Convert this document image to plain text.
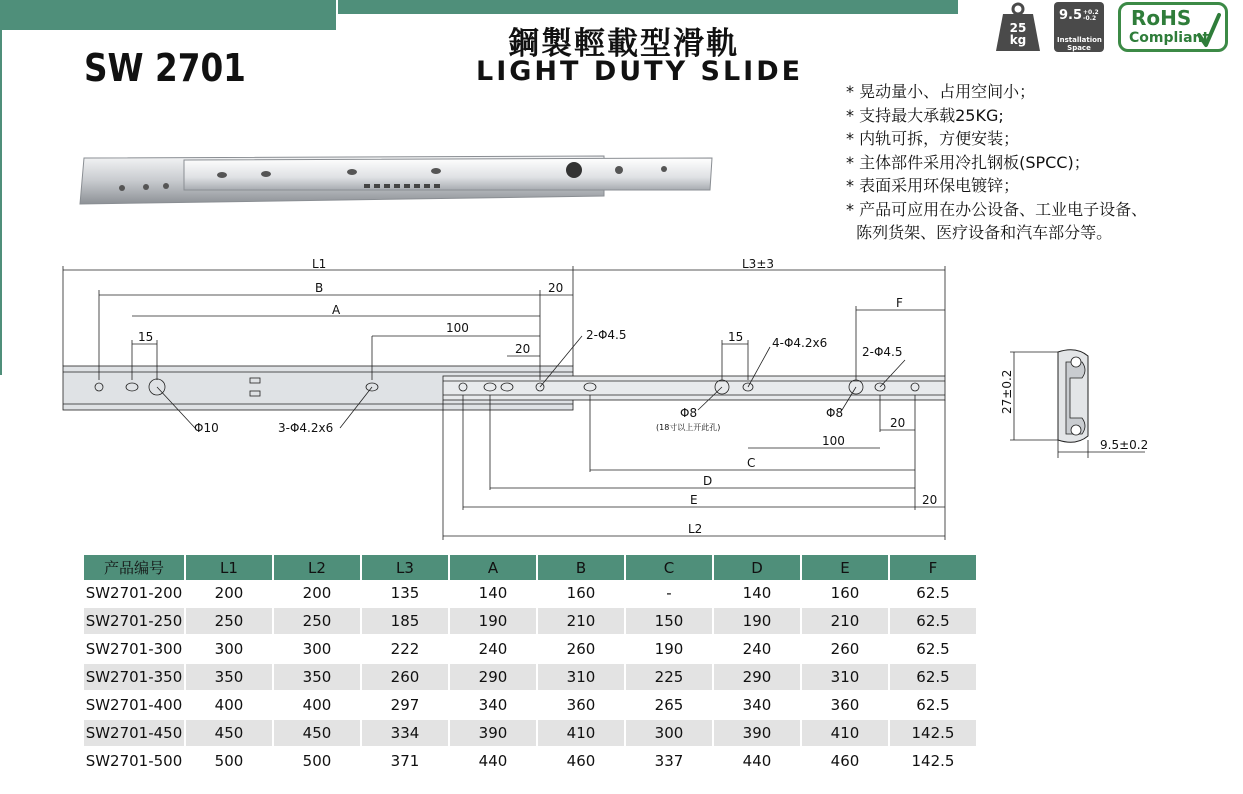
SW 2701
鋼製輕載型滑軌
LIGHT DUTY SLIDE
25
kg
9.5+0.2
-0.2
Installation Space
RoHS
Compliant
* 晃动量小、占用空间小；
* 支持最大承载25KG;
* 内轨可拆，方便安装；
* 主体部件采用冷扎钢板(SPCC)；
* 表面采用环保电镀锌；
* 产品可应用在办公设备、工业电子设备、
陈列货架、医疗设备和汽车部分等。
L1	L3±3
B	20
A	F
100
15
20
2-Φ4.5	15 4-Φ4.2x6
2-Φ4.5
Φ10	3-Φ4.2x6
Φ8
(18寸以上开此孔)
Φ8
100
20
C
D
E	20
L2
27±0.2
9.5±0.2
产品编号	L1	L2	L3	A	B	C	D	E	F
SW2701-200	200	200	135	140	160	-	140	160	62.5
SW2701-250	250	250	185	190	210	150	190	210	62.5
SW2701-300	300	300	222	240	260	190	240	260	62.5
SW2701-350	350	350	260	290	310	225	290	310	62.5
SW2701-400	400	400	297	340	360	265	340	360	62.5
SW2701-450	450	450	334	390	410	300	390	410	142.5
SW2701-500	500	500	371	440	460	337	440	460	142.5
